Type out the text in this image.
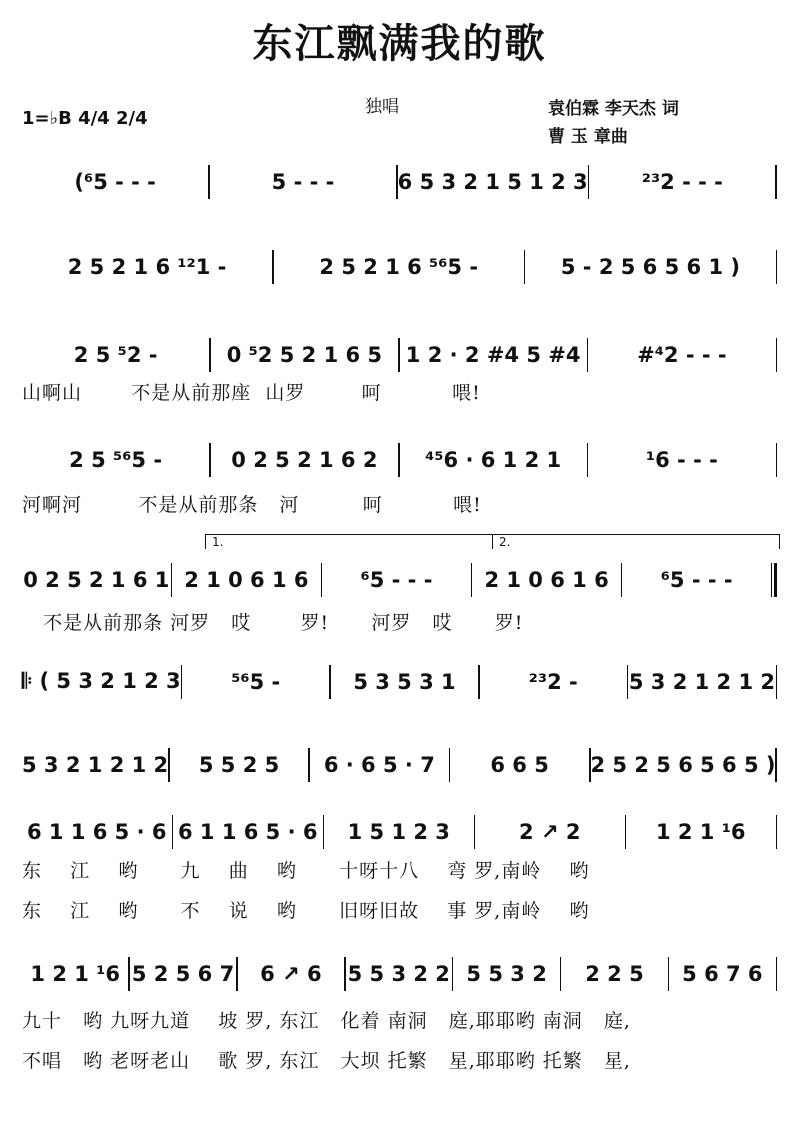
东江飘满我的歌
1=♭B 4/4 2/4
独唱	袁伯霖 李天杰 词
曹 玉 章曲
1.	2.
(⁶5 - - -	5 - - -	6 5 3 2 1 5 1 2 3	²³2 - - -
2 5 2 1 6 ¹²1 -	2 5 2 1 6 ⁵⁶5 -	5 - 2 5 6 5 6 1 )
2 5 ⁵2 -	0 ⁵2 5 2 1 6 5	1 2 · 2 #4 5 #4	#⁴2 - - -
2 5 ⁵⁶5 -	0 2 5 2 1 6 2	⁴⁵6 · 6 1 2 1	¹6 - - -
0 2 5 2 1 6 1 2 1 0 6 1 6	⁶5 - - -	2 1 0 6 1 6	⁶5 - - -
𝄆 ( 5 3 2 1 2 3	⁵⁶5 -	5 3 5 3 1	²³2 -	5 3 2 1 2 1 2
5 3 2 1 2 1 2	5 5 2 5	6 · 6 5 · 7	6 6 5	2 5 2 5 6 5 6 5 )
6 1 1 6 5 · 6 6 1 1 6 5 · 6	1 5 1 2 3	2 ↗ 2	1 2 1 ¹6
1 2 1 ¹6 5 2 5 6 7	6 ↗ 6	5 5 3 2 2 5 5 3 2	2 2 5	5 6 7 6
山啊山       不是从前那座  山罗        呵          喂!
河啊河        不是从前那条   河         呵          喂!
不是从前那条 河罗   哎       罗!      河罗   哎      罗!
东    江    哟      九    曲    哟      十呀十八    弯 罗,南岭    哟
东    江    哟      不    说    哟      旧呀旧故    事 罗,南岭    哟
九十   哟 九呀九道    坡 罗, 东江   化着 南洞   庭,耶耶哟 南洞   庭,
不唱   哟 老呀老山    歌 罗, 东江   大坝 托繁   星,耶耶哟 托繁   星,
